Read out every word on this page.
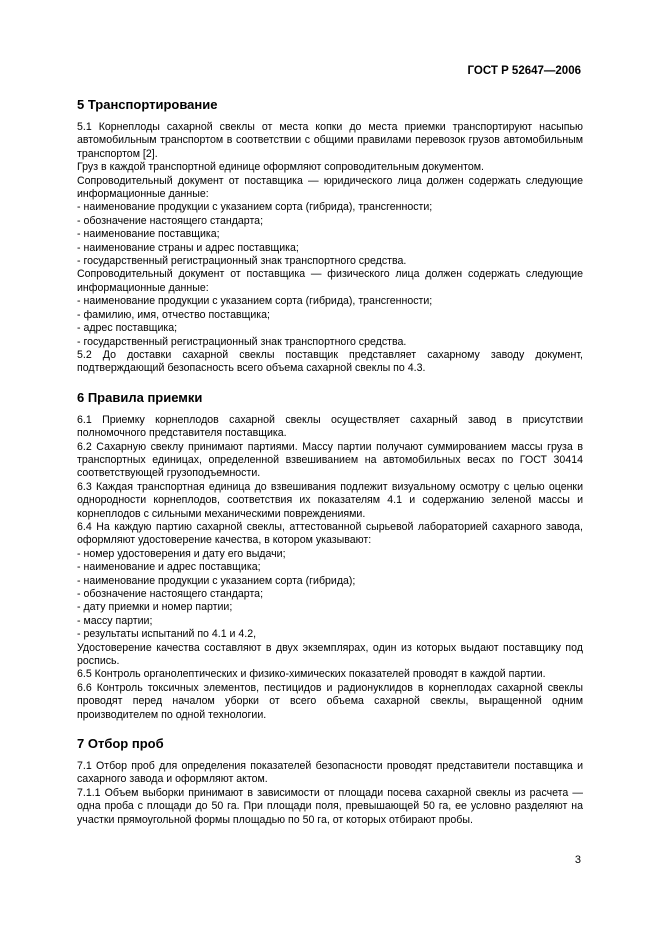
ГОСТ Р 52647—2006
5 Транспортирование

5.1 Корнеплоды сахарной свеклы от места копки до места приемки транспортируют насыпью автомобильным транспортом в соответствии с общими правилами перевозок грузов автомобильным транспортом [2].

Груз в каждой транспортной единице оформляют сопроводительным документом.

Сопроводительный документ от поставщика — юридического лица должен содержать следующие информационные данные:

- наименование продукции с указанием сорта (гибрида), трансгенности;

- обозначение настоящего стандарта;

- наименование поставщика;

- наименование страны и адрес поставщика;

- государственный регистрационный знак транспортного средства.

Сопроводительный документ от поставщика — физического лица должен содержать следующие информационные данные:

- наименование продукции с указанием сорта (гибрида), трансгенности;

- фамилию, имя, отчество поставщика;

- адрес поставщика;

- государственный регистрационный знак транспортного средства.

5.2 До доставки сахарной свеклы поставщик представляет сахарному заводу документ, подтверждающий безопасность всего объема сахарной свеклы по 4.3.

6 Правила приемки

6.1 Приемку корнеплодов сахарной свеклы осуществляет сахарный завод в присутствии полномочного представителя поставщика.

6.2 Сахарную свеклу принимают партиями. Массу партии получают суммированием массы груза в транспортных единицах, определенной взвешиванием на автомобильных весах по ГОСТ 30414 соответствующей грузоподъемности.

6.3 Каждая транспортная единица до взвешивания подлежит визуальному осмотру с целью оценки однородности корнеплодов, соответствия их показателям 4.1 и содержанию зеленой массы и корнеплодов с сильными механическими повреждениями.

6.4 На каждую партию сахарной свеклы, аттестованной сырьевой лабораторией сахарного завода, оформляют удостоверение качества, в котором указывают:

- номер удостоверения и дату его выдачи;

- наименование и адрес поставщика;

- наименование продукции с указанием сорта (гибрида);

- обозначение настоящего стандарта;

- дату приемки и номер партии;

- массу партии;

- результаты испытаний по 4.1 и 4.2,

Удостоверение качества составляют в двух экземплярах, один из которых выдают поставщику под роспись.

6.5 Контроль органолептических и физико-химических показателей проводят в каждой партии.

6.6 Контроль токсичных элементов, пестицидов и радионуклидов в корнеплодах сахарной свеклы проводят перед началом уборки от всего объема сахарной свеклы, выращенной одним производителем по одной технологии.

7 Отбор проб

7.1 Отбор проб для определения показателей безопасности проводят представители поставщика и сахарного завода и оформляют актом.

7.1.1 Объем выборки принимают в зависимости от площади посева сахарной свеклы из расчета — одна проба с площади до 50 га. При площади поля, превышающей 50 га, ее условно разделяют на участки прямоугольной формы площадью по 50 га, от которых отбирают пробы.

3
